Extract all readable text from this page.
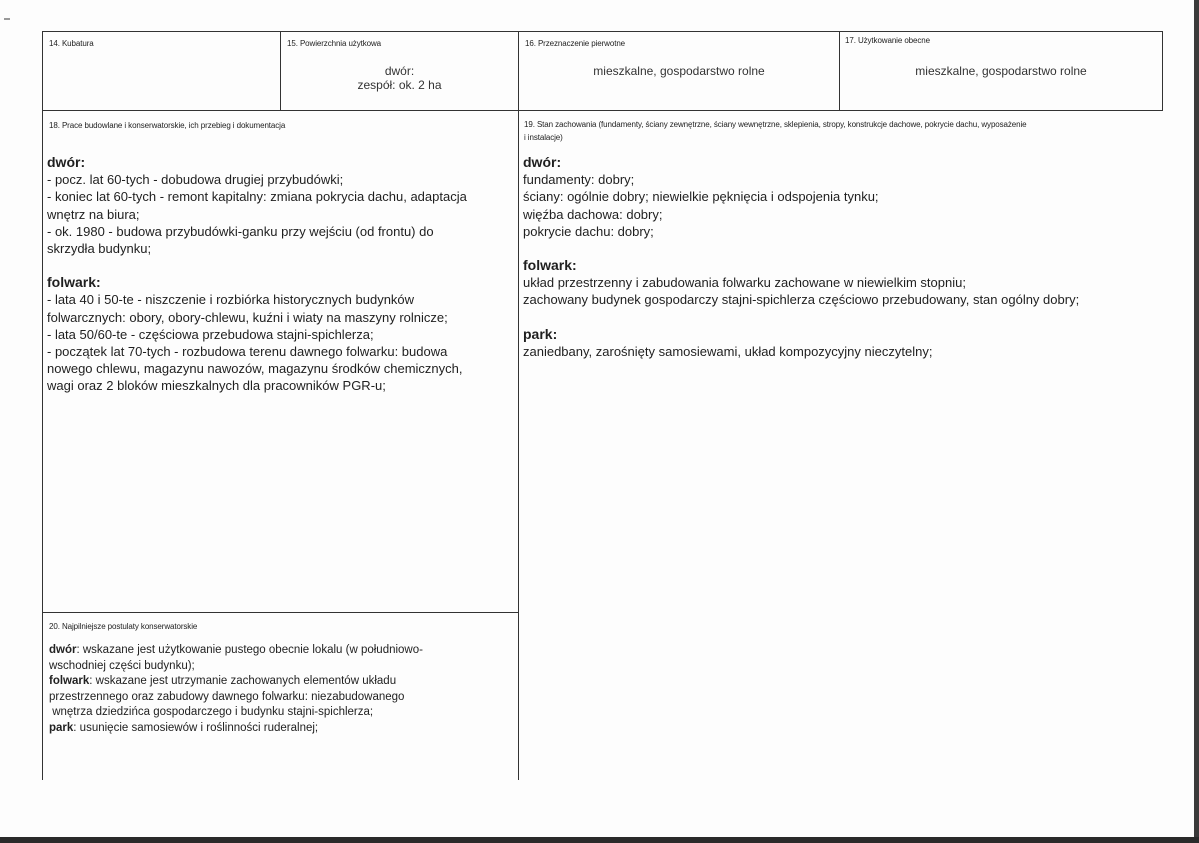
14. Kubatura	15. Powierzchnia użytkowa
dwór:
zespół: ok. 2 ha
16. Przeznaczenie pierwotne
mieszkalne, gospodarstwo rolne
17. Użytkowanie obecne
mieszkalne, gospodarstwo rolne
18. Prace budowlane i konserwatorskie, ich przebieg i dokumentacja

dwór:

- pocz. lat 60-tych - dobudowa drugiej przybudówki;

- koniec lat 60-tych - remont kapitalny: zmiana pokrycia dachu, adaptacja

wnętrz na biura;

- ok. 1980 - budowa przybudówki-ganku przy wejściu (od frontu) do

skrzydła budynku;

folwark:

- lata 40 i 50-te - niszczenie i rozbiórka historycznych budynków

folwarcznych: obory, obory-chlewu, kuźni i wiaty na maszyny rolnicze;

- lata 50/60-te - częściowa przebudowa stajni-spichlerza;

- początek lat 70-tych - rozbudowa terenu dawnego folwarku: budowa

nowego chlewu, magazynu nawozów, magazynu środków chemicznych,

wagi oraz 2 bloków mieszkalnych dla pracowników PGR-u;

19. Stan zachowania (fundamenty, ściany zewnętrzne, ściany wewnętrzne, sklepienia, stropy, konstrukcje dachowe, pokrycie dachu, wyposażenie
i instalacje)

dwór:

fundamenty: dobry;

ściany: ogólnie dobry; niewielkie pęknięcia i odspojenia tynku;

więźba dachowa: dobry;

pokrycie dachu: dobry;

folwark:

układ przestrzenny i zabudowania folwarku zachowane w niewielkim stopniu;

zachowany budynek gospodarczy stajni-spichlerza częściowo przebudowany, stan ogólny dobry;

park:

zaniedbany, zarośnięty samosiewami, układ kompozycyjny nieczytelny;

20. Najpilniejsze postulaty konserwatorskie

dwór: wskazane jest użytkowanie pustego obecnie lokalu (w południowo-

wschodniej części budynku);

folwark: wskazane jest utrzymanie zachowanych elementów układu

przestrzennego oraz zabudowy dawnego folwarku: niezabudowanego

wnętrza dziedzińca gospodarczego i budynku stajni-spichlerza;

park: usunięcie samosiewów i roślinności ruderalnej;
